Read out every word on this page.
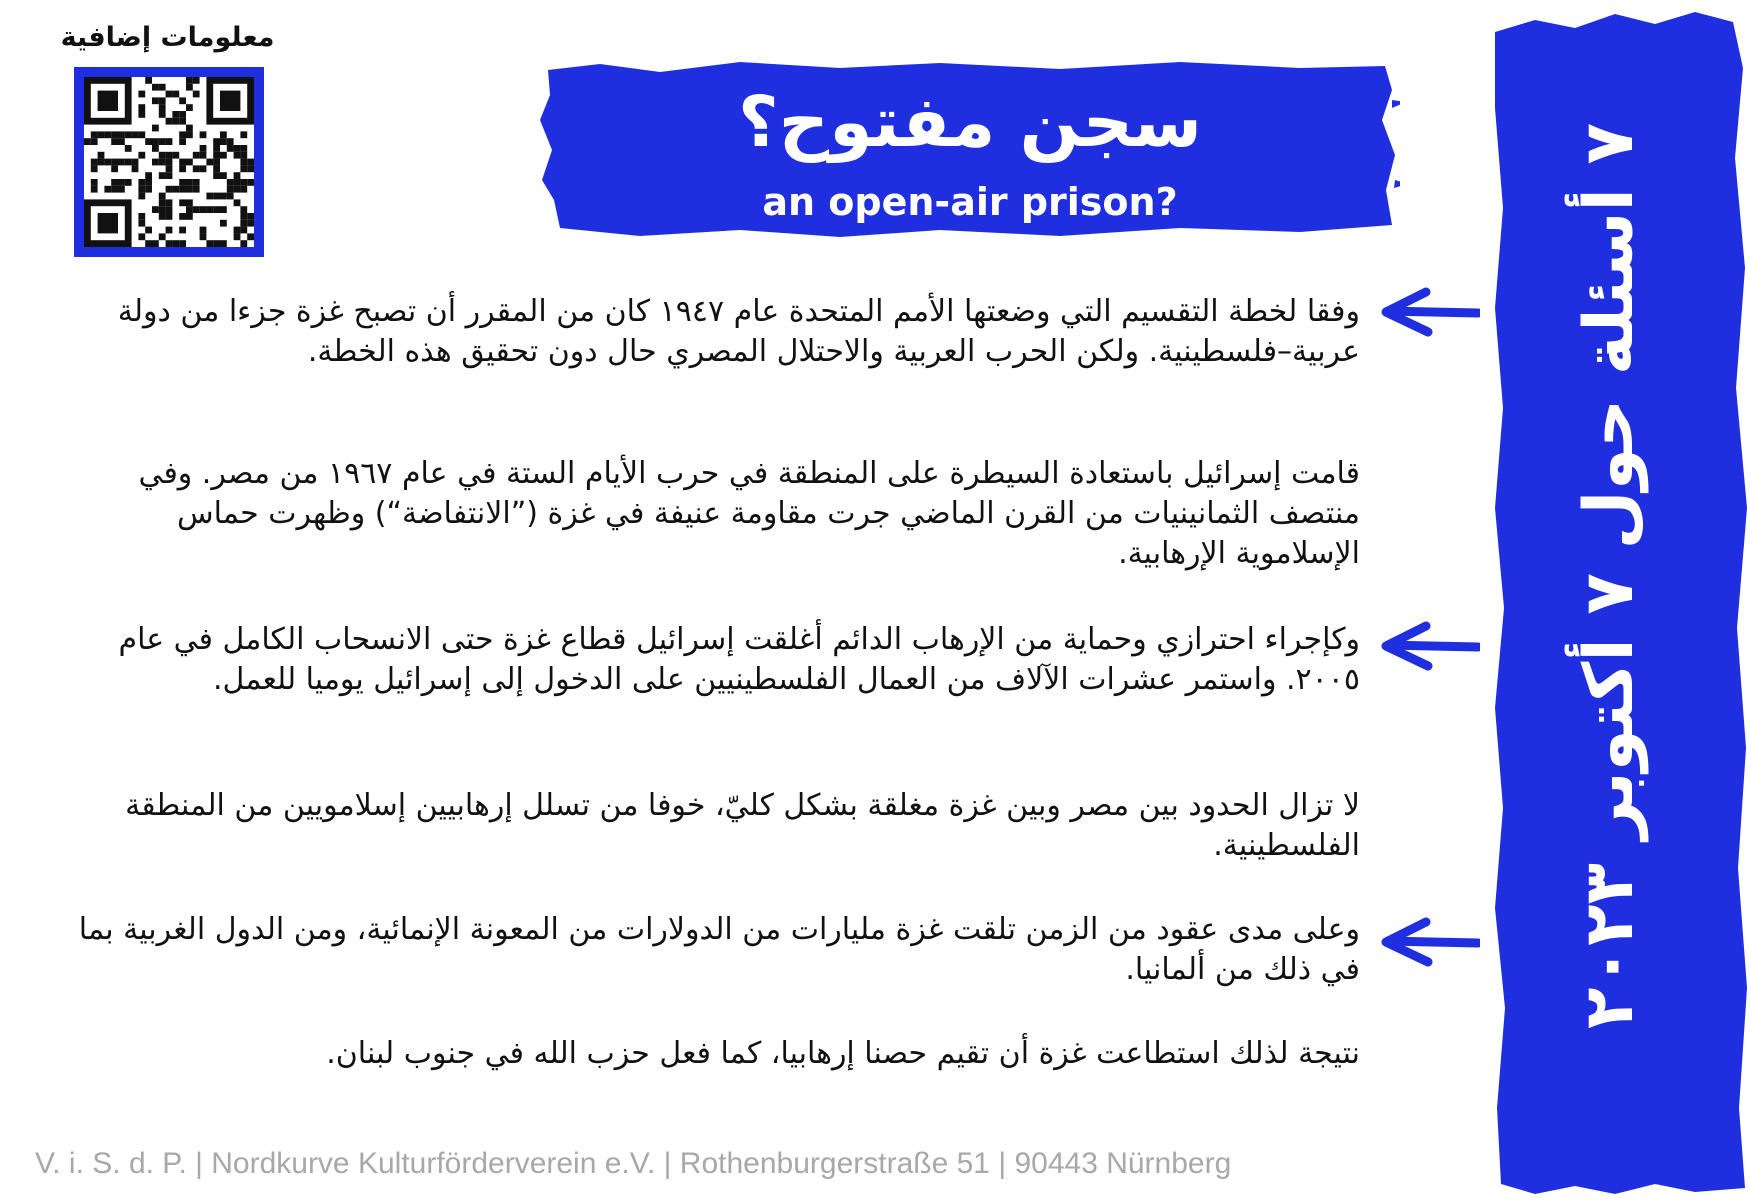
معلومات إضافية
سجن مفتوح؟
an open-air prison?
٧ أسئلة حول ٧ أكتوبر ٢٠٢٣
وفقا لخطة التقسيم التي وضعتها الأمم المتحدة عام ١٩٤٧ كان من المقرر أن تصبح غزة جزءا من دولة عربية–فلسطينية. ولكن الحرب العربية والاحتلال المصري حال دون تحقيق هذه الخطة.
قامت إسرائيل باستعادة السيطرة على المنطقة في حرب الأيام الستة في عام ١٩٦٧ من مصر. وفي منتصف الثمانينيات من القرن الماضي جرت مقاومة عنيفة في غزة (”الانتفاضة“) وظهرت حماس الإسلاموية الإرهابية.
وكإجراء احترازي وحماية من الإرهاب الدائم أغلقت إسرائيل قطاع غزة حتى الانسحاب الكامل في عام ٢٠٠٥. واستمر عشرات الآلاف من العمال الفلسطينيين على الدخول إلى إسرائيل يوميا للعمل.
لا تزال الحدود بين مصر وبين غزة مغلقة بشكل كليّ، خوفا من تسلل إرهابيين إسلامويين من المنطقة الفلسطينية.
وعلى مدى عقود من الزمن تلقت غزة مليارات من الدولارات من المعونة الإنمائية، ومن الدول الغربية بما في ذلك من ألمانيا.
نتيجة لذلك استطاعت غزة أن تقيم حصنا إرهابيا، كما فعل حزب الله في جنوب لبنان.
V. i. S. d. P. | Nordkurve Kulturförderverein e.V. | Rothenburgerstraße 51 | 90443 Nürnberg
